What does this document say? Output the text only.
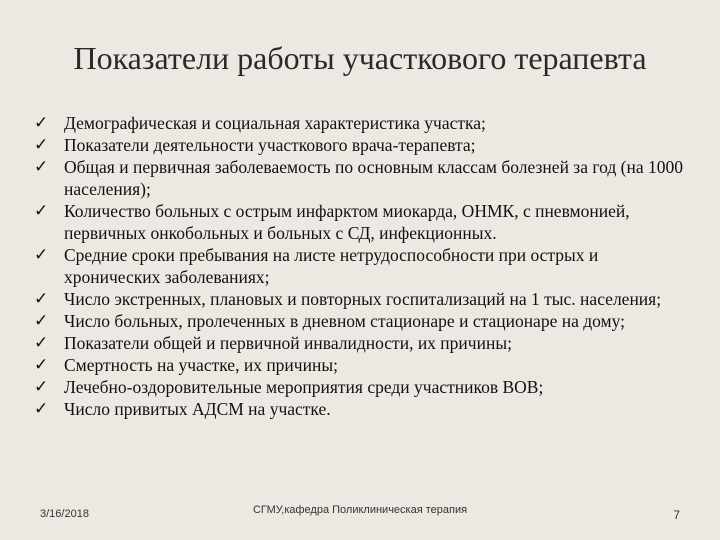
Показатели работы участкового терапевта
✓ Демографическая и социальная характеристика участка;
✓ Показатели деятельности участкового врача-терапевта;
✓ Общая и первичная заболеваемость по основным классам болезней за год (на 1000 населения);
✓ Количество больных с острым инфарктом миокарда, ОНМК, с пневмонией, первичных онкобольных и больных с СД, инфекционных.
✓ Средние сроки пребывания на листе нетрудоспособности при острых и хронических заболеваниях;
✓ Число экстренных, плановых и повторных госпитализаций на 1 тыс. населения;
✓ Число больных, пролеченных в дневном стационаре и стационаре на дому;
✓ Показатели общей и первичной инвалидности, их причины;
✓ Смертность на участке, их причины;
✓ Лечебно-оздоровительные мероприятия среди участников ВОВ;
✓ Число привитых АДСМ на участке.
3/16/2018	СГМУ,кафедра Поликлиническая терапия	7
